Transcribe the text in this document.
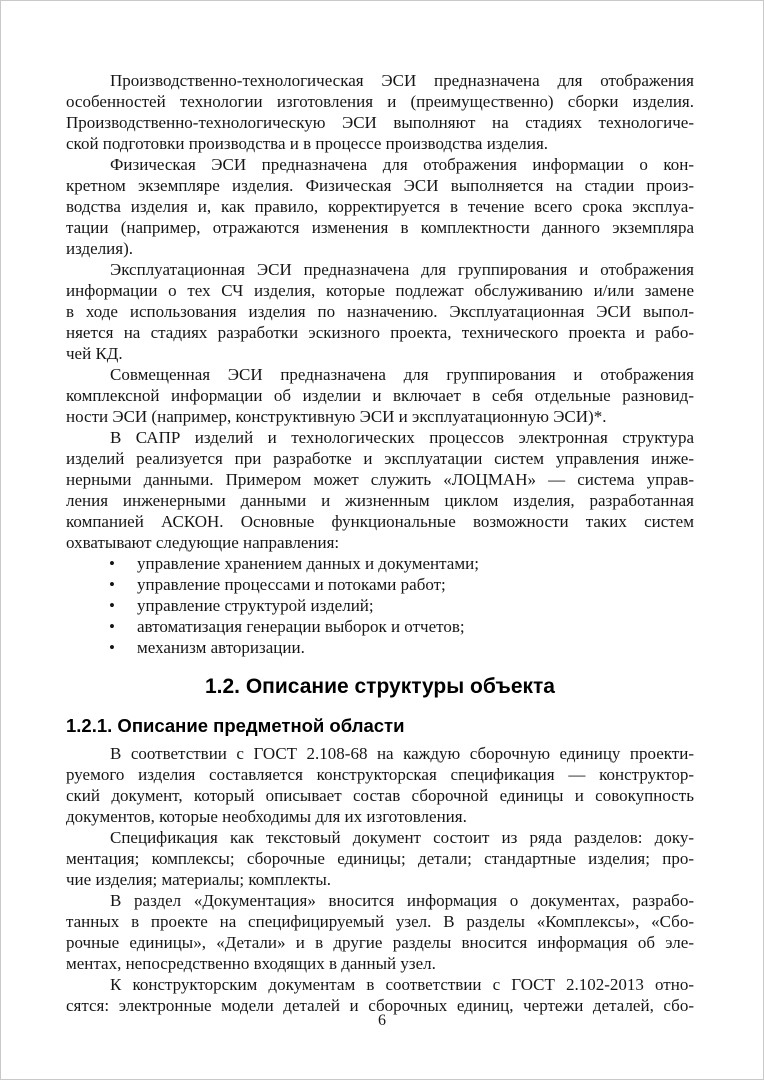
Производственно-технологическая ЭСИ предназначена для отображения
особенностей технологии изготовления и (преимущественно) сборки изделия.
Производственно-технологическую ЭСИ выполняют на стадиях технологиче-
ской подготовки производства и в процессе производства изделия.
Физическая ЭСИ предназначена для отображения информации о кон-
кретном экземпляре изделия. Физическая ЭСИ выполняется на стадии произ-
водства изделия и, как правило, корректируется в течение всего срока эксплуа-
тации (например, отражаются изменения в комплектности данного экземпляра
изделия).
Эксплуатационная ЭСИ предназначена для группирования и отображения
информации о тех СЧ изделия, которые подлежат обслуживанию и/или замене
в ходе использования изделия по назначению. Эксплуатационная ЭСИ выпол-
няется на стадиях разработки эскизного проекта, технического проекта и рабо-
чей КД.
Совмещенная ЭСИ предназначена для группирования и отображения
комплексной информации об изделии и включает в себя отдельные разновид-
ности ЭСИ (например, конструктивную ЭСИ и эксплуатационную ЭСИ)*.
В САПР изделий и технологических процессов электронная структура
изделий реализуется при разработке и эксплуатации систем управления инже-
нерными данными. Примером может служить «ЛОЦМАН» — система управ-
ления инженерными данными и жизненным циклом изделия, разработанная
компанией АСКОН. Основные функциональные возможности таких систем
охватывают следующие направления:
• управление хранением данных и документами;
• управление процессами и потоками работ;
• управление структурой изделий;
• автоматизация генерации выборок и отчетов;
• механизм авторизации.
1.2. Описание структуры объекта
1.2.1. Описание предметной области
В соответствии с ГОСТ 2.108-68 на каждую сборочную единицу проекти-
руемого изделия составляется конструкторская спецификация — конструктор-
ский документ, который описывает состав сборочной единицы и совокупность
документов, которые необходимы для их изготовления.
Спецификация как текстовый документ состоит из ряда разделов: доку-
ментация; комплексы; сборочные единицы; детали; стандартные изделия; про-
чие изделия; материалы; комплекты.
В раздел «Документация» вносится информация о документах, разрабо-
танных в проекте на специфицируемый узел. В разделы «Комплексы», «Сбо-
рочные единицы», «Детали» и в другие разделы вносится информация об эле-
ментах, непосредственно входящих в данный узел.
К конструкторским документам в соответствии с ГОСТ 2.102-2013 отно-
сятся: электронные модели деталей и сборочных единиц, чертежи деталей, сбо-
6
